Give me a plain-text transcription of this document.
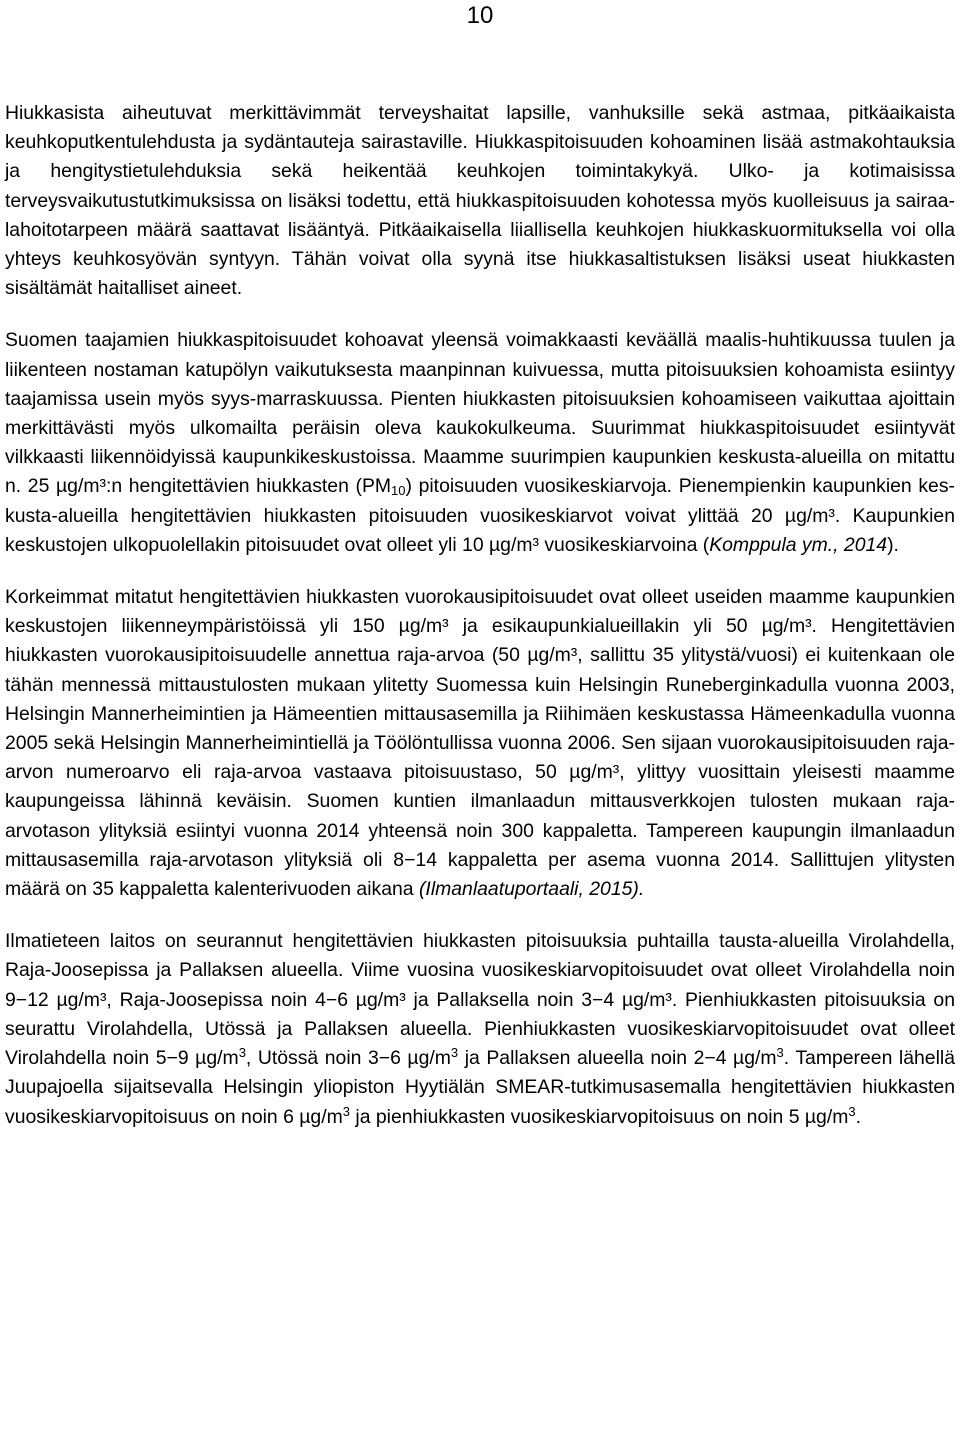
10

Hiukkasista aiheutuvat merkittävimmät terveyshaitat lapsille, vanhuksille sekä astmaa, pitkäaikaista keuhkoputkentulehdusta ja sydäntauteja sairastaville. Hiukkaspitoisuuden kohoaminen lisää astmakohtauksia ja hengitystietulehduksia sekä heikentää keuhkojen toimintakykyä. Ulko- ja kotimaisissa terveysvaikutustutkimuksissa on lisäksi todettu, että hiukkaspitoisuuden kohotessa myös kuolleisuus ja sairaalahoitotarpeen määrä saattavat lisääntyä. Pitkäaikaisella liiallisella keuhkojen hiukkaskuormituksella voi olla yhteys keuhkosyövän syntyyn. Tähän voivat olla syynä itse hiukkasaltistuksen lisäksi useat hiukkasten sisältämät haitalliset aineet.

Suomen taajamien hiukkaspitoisuudet kohoavat yleensä voimakkaasti keväällä maalis-huhtikuussa tuulen ja liikenteen nostaman katupölyn vaikutuksesta maanpinnan kuivuessa, mutta pitoisuuksien kohoamista esiintyy taajamissa usein myös syys-marraskuussa. Pienten hiukkasten pitoisuuksien kohoamiseen vaikuttaa ajoittain merkittävästi myös ulkomailta peräisin oleva kaukokulkeuma. Suurimmat hiukkaspitoisuudet esiintyvät vilkkaasti liikennöidyissä kaupunkikeskustoissa. Maamme suurimpien kaupunkien keskusta-alueilla on mitattu n. 25 µg/m³:n hengitettävien hiukkasten $(PM_{10})$ pitoisuuden vuosikeskiarvoja. Pienempienkin kaupunkien keskusta-alueilla hengitettävien hiukkasten pitoisuuden vuosikeskiarvot voivat ylittää 20 µg/m³. Kaupunkien keskustojen ulkopuolellakin pitoisuudet ovat olleet yli 10 µg/m³ vuosikeskiarvoina (Komppula ym., 2014).

Korkeimmat mitatut hengitettävien hiukkasten vuorokausipitoisuudet ovat olleet useiden maamme kaupunkien keskustojen liikenneympäristöissä yli 150 µg/m³ ja esikaupunkialueillakin yli 50 µg/m³. Hengitettävien hiukkasten vuorokausipitoisuudelle annettua raja-arvoa (50 µg/m³, sallittu 35 ylitystä/vuosi) ei kuitenkaan ole tähän mennessä mittaustulosten mukaan ylitetty Suomessa kuin Helsingin Runeberginkadulla vuonna 2003, Helsingin Mannerheimintien ja Hämeentien mittausasemilla ja Riihimäen keskustassa Hämeenkadulla vuonna 2005 sekä Helsingin Mannerheimintiellä ja Töölöntullissa vuonna 2006. Sen sijaan vuorokausipitoisuuden rajaarvon numeroarvo eli raja-arvoa vastaava pitoisuustaso, 50 µg/m³, ylittyy vuosittain yleisesti maamme kaupungeissa lähinnä keväisin. Suomen kuntien ilmanlaadun mittausverkkojen tulosten mukaan raja-arvotason ylityksiä esiintyi vuonna 2014 yhteensä noin 300 kappaletta. Tampereen kaupungin ilmanlaadun mittausasemilla raja-arvotason ylityksiä oli 8−14 kappaletta per asema vuonna 2014. Sallittujen ylitysten määrä on 35 kappaletta kalenterivuoden aikana (Ilmanlaatuportaali, 2015).

Ilmatieteen laitos on seurannut hengitettävien hiukkasten pitoisuuksia puhtailla tausta-alueilla Virolahdella, Raja-Joosepissa ja Pallaksen alueella. Viime vuosina vuosikeskiarvopitoisuudet ovat olleet Virolahdella noin 9−12 µg/m³, Raja-Joosepissa noin 4−6 µg/m³ ja Pallaksella noin 3−4 µg/m³. Pienhiukkasten pitoisuuksia on seurattu Virolahdella, Utössä ja Pallaksen alueella. Pienhiukkasten vuosikeskiarvopitoisuudet ovat olleet Virolahdella noin 5−9 $\mu g/m^3$, Utössä noin 3−6 $\mu g/m^3$ ja Pallaksen alueella noin 2−4 $\mu g/m^3$. Tampereen lähellä Juupajoella sijaitsevalla Helsingin yliopiston Hyytiälän SMEAR-tutkimusasemalla hengitettävien hiukkasten vuosikeskiarvopitoisuus on noin 6 $\mu g/m^3$ ja pienhiukkasten vuosikeskiarvopitoisuus on noin 5 $\mu g/m^3$.
